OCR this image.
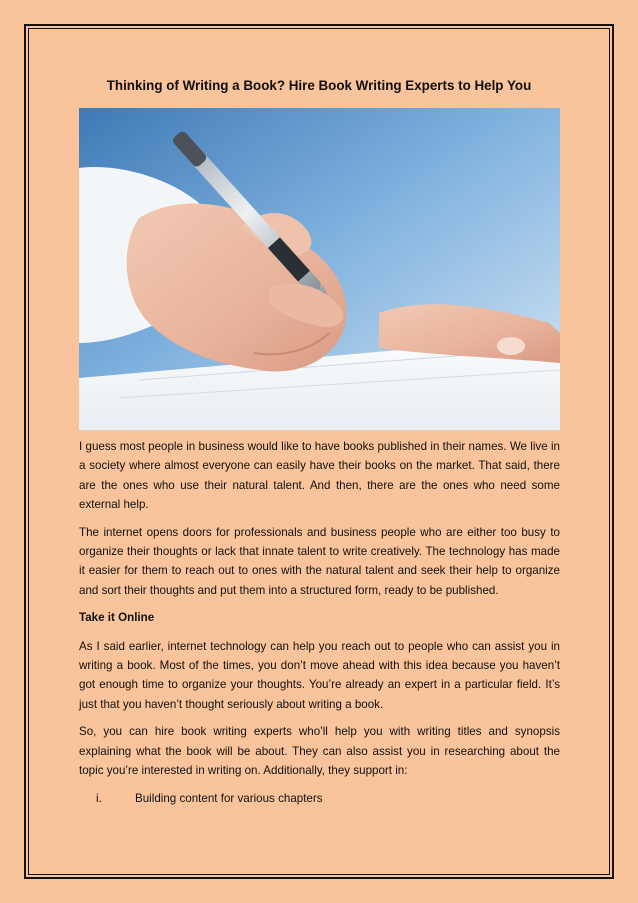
Thinking of Writing a Book? Hire Book Writing Experts to Help You

I guess most people in business would like to have books published in their names. We live in a society where almost everyone can easily have their books on the market. That said, there are the ones who use their natural talent. And then, there are the ones who need some external help.

The internet opens doors for professionals and business people who are either too busy to organize their thoughts or lack that innate talent to write creatively. The technology has made it easier for them to reach out to ones with the natural talent and seek their help to organize and sort their thoughts and put them into a structured form, ready to be published.

Take it Online

As I said earlier, internet technology can help you reach out to people who can assist you in writing a book. Most of the times, you don’t move ahead with this idea because you haven’t got enough time to organize your thoughts. You’re already an expert in a particular field. It’s just that you haven’t thought seriously about writing a book.

So, you can hire book writing experts who’ll help you with writing titles and synopsis explaining what the book will be about. They can also assist you in researching about the topic you’re interested in writing on. Additionally, they support in:

i.	Building content for various chapters
